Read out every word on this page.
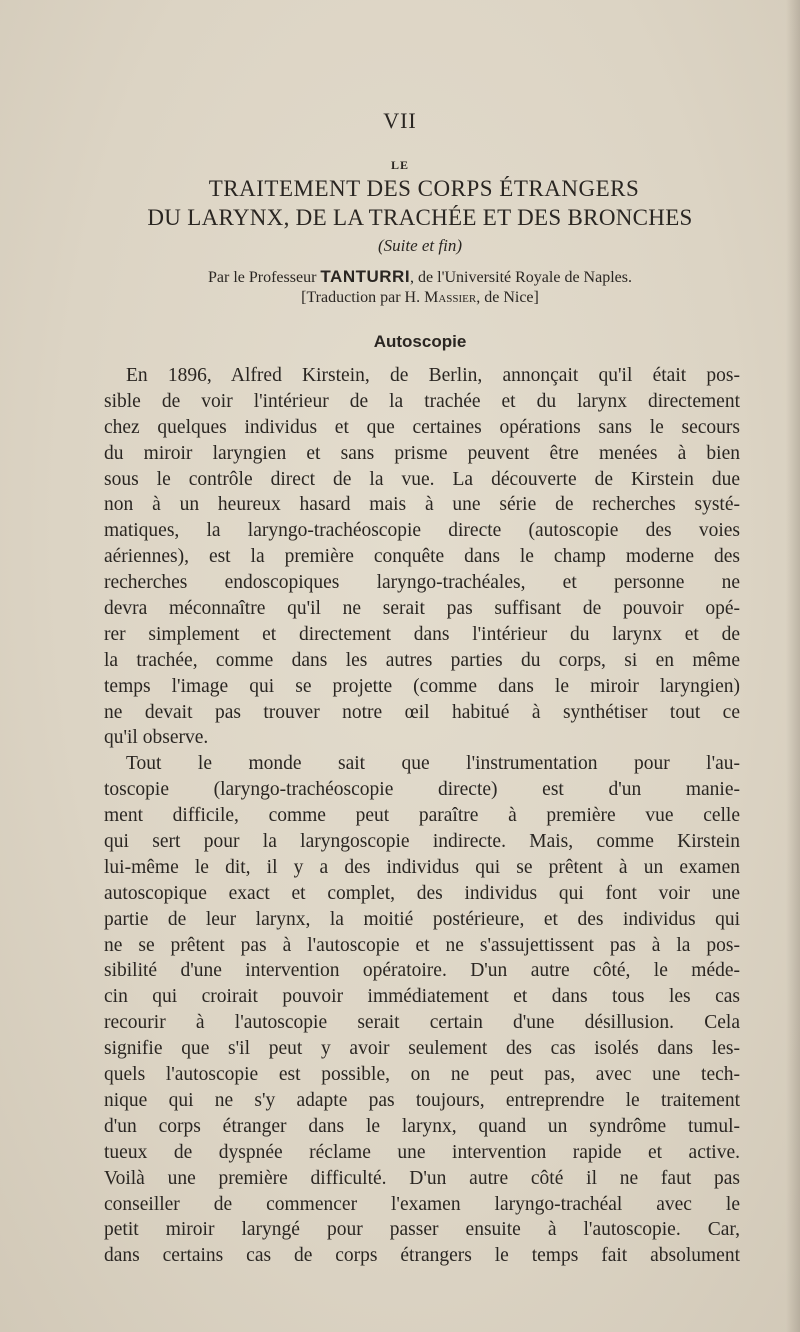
VII
LE
TRAITEMENT DES CORPS ÉTRANGERS
DU LARYNX, DE LA TRACHÉE ET DES BRONCHES
(Suite et fin)
Par le Professeur TANTURRI, de l'Université Royale de Naples.
[Traduction par H. Massier, de Nice]
Autoscopie
En 1896, Alfred Kirstein, de Berlin, annonçait qu'il était pos-
sible de voir l'intérieur de la trachée et du larynx directement
chez quelques individus et que certaines opérations sans le secours
du miroir laryngien et sans prisme peuvent être menées à bien
sous le contrôle direct de la vue. La découverte de Kirstein due
non à un heureux hasard mais à une série de recherches systé-
matiques, la laryngo-trachéoscopie directe (autoscopie des voies
aériennes), est la première conquête dans le champ moderne des
recherches endoscopiques laryngo-trachéales, et personne ne
devra méconnaître qu'il ne serait pas suffisant de pouvoir opé-
rer simplement et directement dans l'intérieur du larynx et de
la trachée, comme dans les autres parties du corps, si en même
temps l'image qui se projette (comme dans le miroir laryngien)
ne devait pas trouver notre œil habitué à synthétiser tout ce
qu'il observe.
Tout le monde sait que l'instrumentation pour l'au-
toscopie (laryngo-trachéoscopie directe) est d'un manie-
ment difficile, comme peut paraître à première vue celle
qui sert pour la laryngoscopie indirecte. Mais, comme Kirstein
lui-même le dit, il y a des individus qui se prêtent à un examen
autoscopique exact et complet, des individus qui font voir une
partie de leur larynx, la moitié postérieure, et des individus qui
ne se prêtent pas à l'autoscopie et ne s'assujettissent pas à la pos-
sibilité d'une intervention opératoire. D'un autre côté, le méde-
cin qui croirait pouvoir immédiatement et dans tous les cas
recourir à l'autoscopie serait certain d'une désillusion. Cela
signifie que s'il peut y avoir seulement des cas isolés dans les-
quels l'autoscopie est possible, on ne peut pas, avec une tech-
nique qui ne s'y adapte pas toujours, entreprendre le traitement
d'un corps étranger dans le larynx, quand un syndrôme tumul-
tueux de dyspnée réclame une intervention rapide et active.
Voilà une première difficulté. D'un autre côté il ne faut pas
conseiller de commencer l'examen laryngo-trachéal avec le
petit miroir laryngé pour passer ensuite à l'autoscopie. Car,
dans certains cas de corps étrangers le temps fait absolument
